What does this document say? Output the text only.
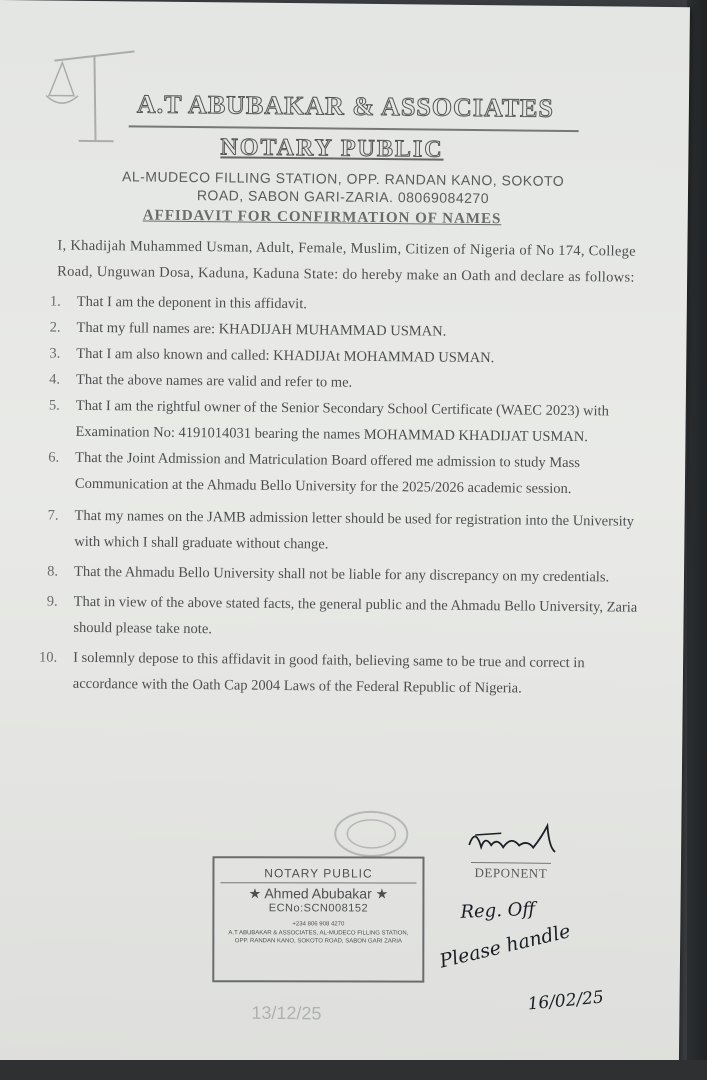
A.T ABUBAKAR & ASSOCIATES
NOTARY PUBLIC
AL-MUDECO FILLING STATION, OPP. RANDAN KANO, SOKOTO
ROAD, SABON GARI-ZARIA. 08069084270
AFFIDAVIT FOR CONFIRMATION OF NAMES

I, Khadijah Muhammed Usman, Adult, Female, Muslim, Citizen of Nigeria of No 174, College Road, Unguwan Dosa, Kaduna, Kaduna State: do hereby make an Oath and declare as follows:

1.	That I am the deponent in this affidavit.
2.	That my full names are: KHADIJAH MUHAMMAD USMAN.
3.	That I am also known and called: KHADIJAt MOHAMMAD USMAN.
4.	That the above names are valid and refer to me.
5.	That I am the rightful owner of the Senior Secondary School Certificate (WAEC 2023) with Examination No: 4191014031 bearing the names MOHAMMAD KHADIJAT USMAN.
6.	That the Joint Admission and Matriculation Board offered me admission to study Mass Communication at the Ahmadu Bello University for the 2025/2026 academic session.
7.	That my names on the JAMB admission letter should be used for registration into the University with which I shall graduate without change.
8.	That the Ahmadu Bello University shall not be liable for any discrepancy on my credentials.
9.	That in view of the above stated facts, the general public and the Ahmadu Bello University, Zaria should please take note.
10.	I solemnly depose to this affidavit in good faith, believing same to be true and correct in accordance with the Oath Cap 2004 Laws of the Federal Republic of Nigeria.
DEPONENT
NOTARY PUBLIC
★ Ahmed Abubakar ★
ECNo:SCN008152
+234 806 908 4270
A.T ABUBAKAR & ASSOCIATES, AL-MUDECO FILLING STATION, OPP. RANDAN KANO, SOKOTO ROAD, SABON GARI ZARIA
13/12/25
Reg. Off
Please handle
16/02/25
